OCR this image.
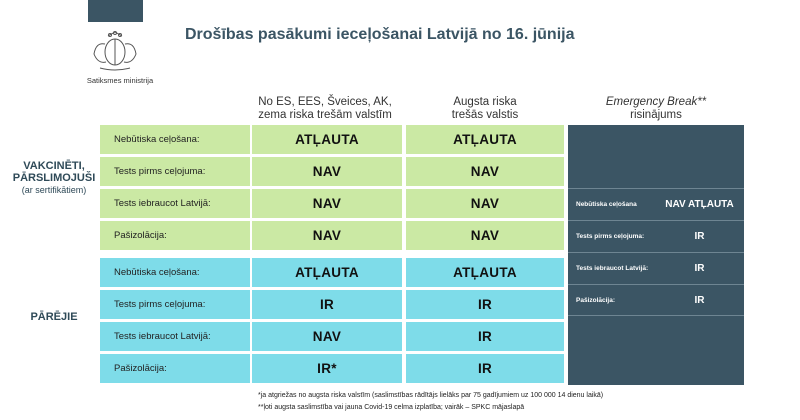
Satiksmes ministrija
Drošības pasākumi ieceļošanai Latvijā no 16. jūnija
No ES, EES, Šveices, AK,
zema riska trešām valstīm
Augsta riska
trešās valstis
Emergency Break**
risinājums
VAKCINĒTI,
PĀRSLIMOJUŠI
(ar sertifikātiem)
PĀRĒJIE
Nebūtiska ceļošana:	ATĻAUTA	ATĻAUTA
Tests pirms ceļojuma:	NAV	NAV
Tests iebraucot Latvijā:	NAV	NAV
Pašizolācija:	NAV	NAV
Nebūtiska ceļošana:	ATĻAUTA	ATĻAUTA
Tests pirms ceļojuma:	IR	IR
Tests iebraucot Latvijā:	NAV	IR
Pašizolācija:	IR*	IR
Nebūtiska ceļošana	NAV ATĻAUTA
Tests pirms ceļojuma:	IR
Tests iebraucot Latvijā:	IR
Pašizolācija:	IR
*ja atgriežas no augsta riska valstīm (saslimstības rādītājs lielāks par 75 gadījumiem uz 100 000 14 dienu laikā)
**ļoti augsta saslimstība vai jauna Covid-19 celma izplatība; vairāk – SPKC mājaslapā
